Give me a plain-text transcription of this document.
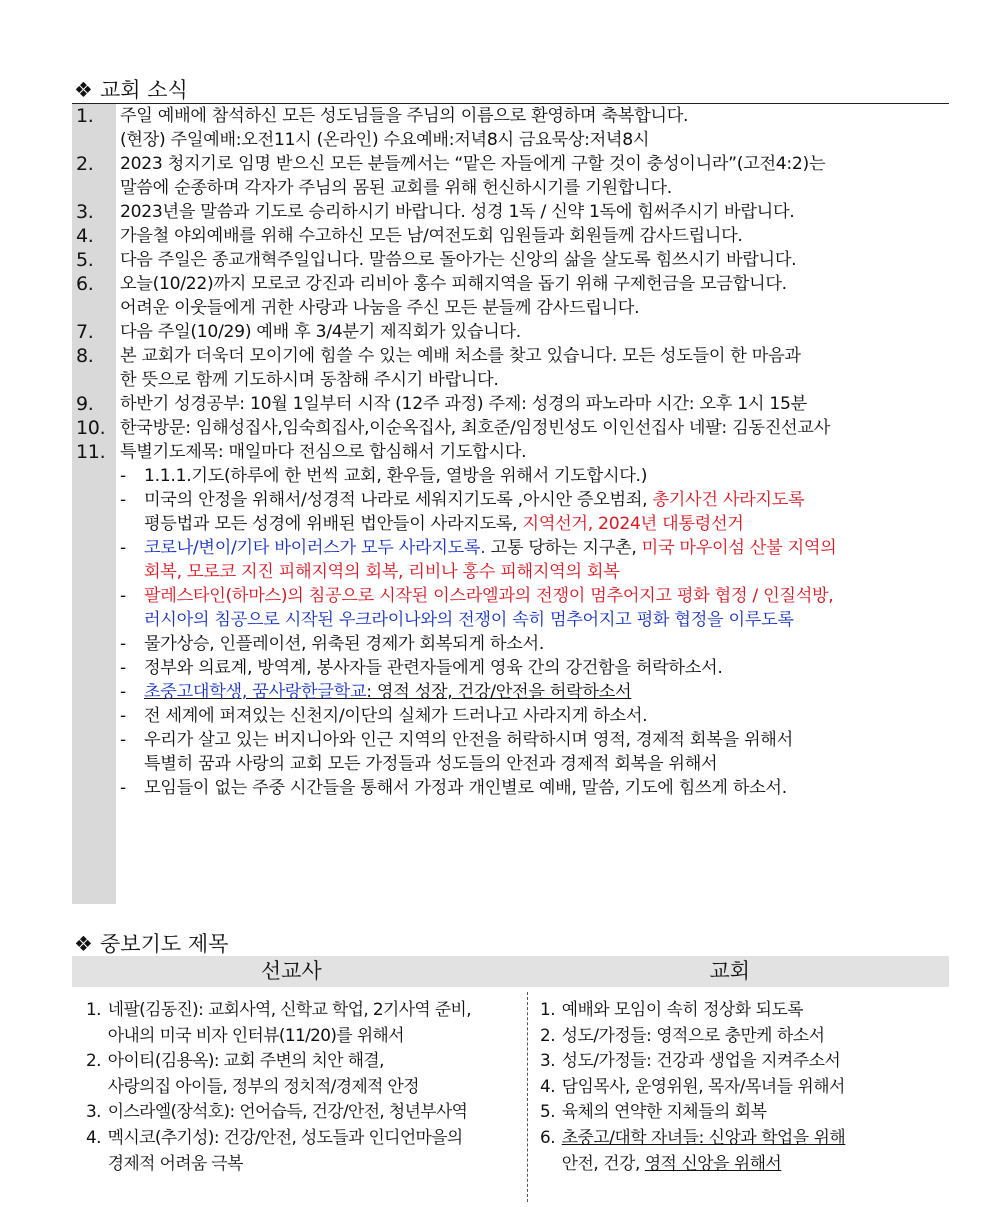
❖ 교회 소식
1.	주일 예배에 참석하신 모든 성도님들을 주님의 이름으로 환영하며 축복합니다.
(현장) 주일예배:오전11시 (온라인) 수요예배:저녁8시 금요묵상:저녁8시
2.	2023 청지기로 임명 받으신 모든 분들께서는 “맡은 자들에게 구할 것이 충성이니라”(고전4:2)는
말씀에 순종하며 각자가 주님의 몸된 교회를 위해 헌신하시기를 기원합니다.
3.	2023년을 말씀과 기도로 승리하시기 바랍니다. 성경 1독 / 신약 1독에 힘써주시기 바랍니다.
4.	가을철 야외예배를 위해 수고하신 모든 남/여전도회 임원들과 회원들께 감사드립니다.
5.	다음 주일은 종교개혁주일입니다. 말씀으로 돌아가는 신앙의 삶을 살도록 힘쓰시기 바랍니다.
6.	오늘(10/22)까지 모로코 강진과 리비아 홍수 피해지역을 돕기 위해 구제헌금을 모금합니다.
어려운 이웃들에게 귀한 사랑과 나눔을 주신 모든 분들께 감사드립니다.
7.	다음 주일(10/29) 예배 후 3/4분기 제직회가 있습니다.
8.	본 교회가 더욱더 모이기에 힘쓸 수 있는 예배 처소를 찾고 있습니다. 모든 성도들이 한 마음과
한 뜻으로 함께 기도하시며 동참해 주시기 바랍니다.
9.	하반기 성경공부: 10월 1일부터 시작 (12주 과정) 주제: 성경의 파노라마 시간: 오후 1시 15분
10. 한국방문: 임해성집사,임숙희집사,이순옥집사, 최호준/임정빈성도 이인선집사 네팔: 김동진선교사
11. 특별기도제목: 매일마다 전심으로 합심해서 기도합시다.
- 1.1.1.기도(하루에 한 번씩 교회, 환우들, 열방을 위해서 기도합시다.)
- 미국의 안정을 위해서/성경적 나라로 세워지기도록 ,아시안 증오범죄, 총기사건 사라지도록
평등법과 모든 성경에 위배된 법안들이 사라지도록, 지역선거, 2024년 대통령선거
- 코로나/변이/기타 바이러스가 모두 사라지도록. 고통 당하는 지구촌, 미국 마우이섬 산불 지역의
회복, 모로코 지진 피해지역의 회복, 리비나 홍수 피해지역의 회복
- 팔레스타인(하마스)의 침공으로 시작된 이스라엘과의 전쟁이 멈추어지고 평화 협정 / 인질석방,
러시아의 침공으로 시작된 우크라이나와의 전쟁이 속히 멈추어지고 평화 협정을 이루도록
- 물가상승, 인플레이션, 위축된 경제가 회복되게 하소서.
- 정부와 의료계, 방역계, 봉사자들 관련자들에게 영육 간의 강건함을 허락하소서.
- 초중고대학생, 꿈사랑한글학교: 영적 성장, 건강/안전을 허락하소서
- 전 세계에 퍼져있는 신천지/이단의 실체가 드러나고 사라지게 하소서.
- 우리가 살고 있는 버지니아와 인근 지역의 안전을 허락하시며 영적, 경제적 회복을 위해서
특별히 꿈과 사랑의 교회 모든 가정들과 성도들의 안전과 경제적 회복을 위해서
- 모임들이 없는 주중 시간들을 통해서 가정과 개인별로 예배, 말씀, 기도에 힘쓰게 하소서.
❖ 중보기도 제목
선교사	교회
1. 네팔(김동진): 교회사역, 신학교 학업, 2기사역 준비,
아내의 미국 비자 인터뷰(11/20)를 위해서
2. 아이티(김용옥): 교회 주변의 치안 해결,
사랑의집 아이들, 정부의 정치적/경제적 안정
3. 이스라엘(장석호): 언어습득, 건강/안전, 청년부사역
4. 멕시코(추기성): 건강/안전, 성도들과 인디언마을의
경제적 어려움 극복
1. 예배와 모임이 속히 정상화 되도록
2. 성도/가정들: 영적으로 충만케 하소서
3. 성도/가정들: 건강과 생업을 지켜주소서
4. 담임목사, 운영위원, 목자/목녀들 위해서
5. 육체의 연약한 지체들의 회복
6. 초중고/대학 자녀들: 신앙과 학업을 위해
안전, 건강, 영적 신앙을 위해서
